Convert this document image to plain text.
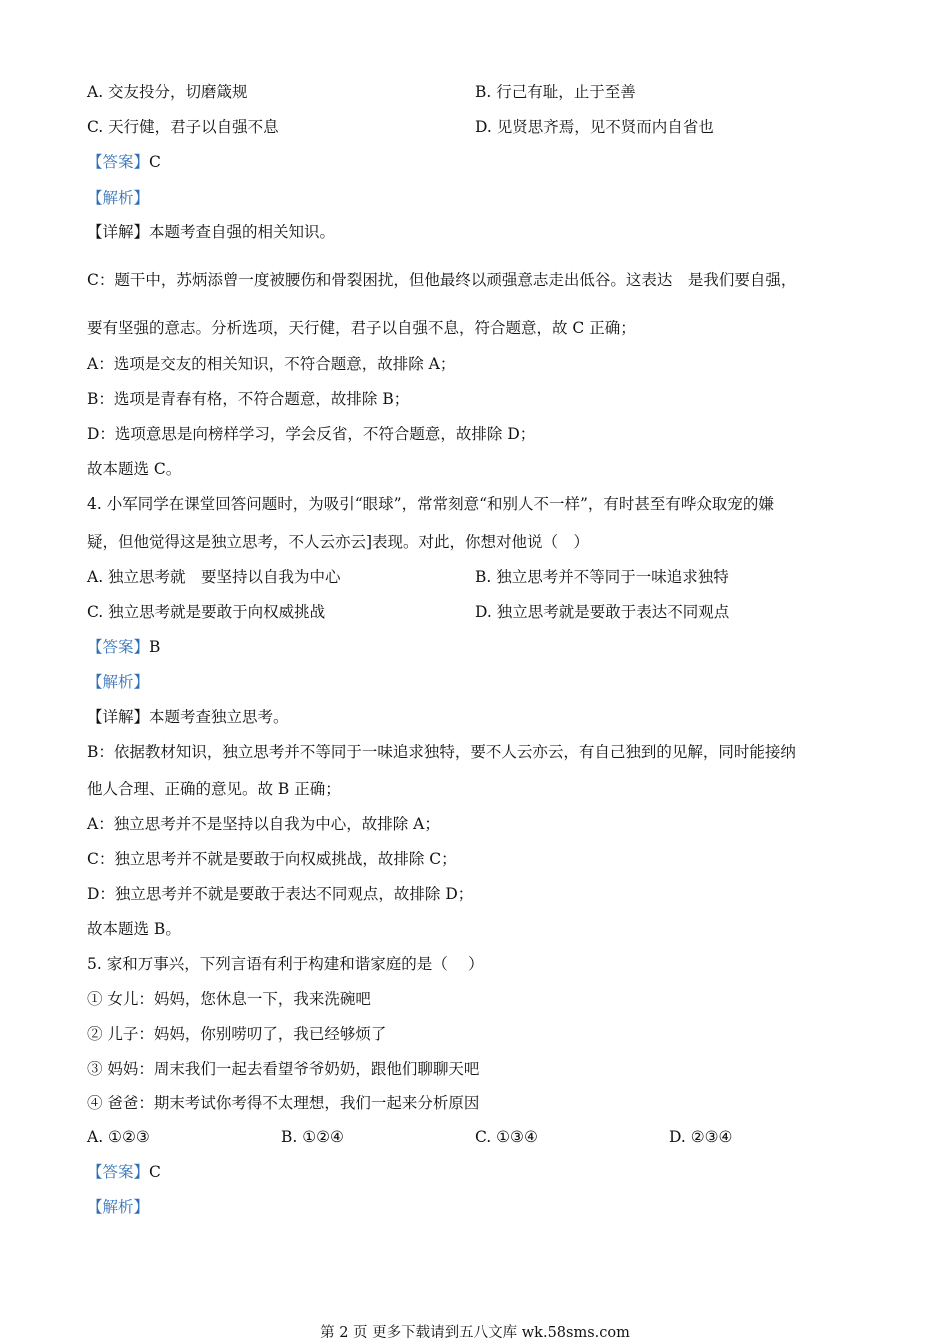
A. 交友投分，切磨箴规	B. 行己有耻，止于至善
C. 天行健，君子以自强不息	D. 见贤思齐焉，见不贤而内自省也
【答案】C
【解析】
【详解】本题考查自强的相关知识。
C：题干中，苏炳添曾一度被腰伤和骨裂困扰，但他最终以顽强意志走出低谷。这表达　是我们要自强，
要有坚强的意志。分析选项，天行健，君子以自强不息，符合题意，故 C 正确；
A：选项是交友的相关知识，不符合题意，故排除 A；
B：选项是青春有格，不符合题意，故排除 B；
D：选项意思是向榜样学习，学会反省，不符合题意，故排除 D；
故本题选 C。
4. 小军同学在课堂回答问题时，为吸引“眼球”，常常刻意“和别人不一样”，有时甚至有哗众取宠的嫌
疑，但他觉得这是独立思考，不人云亦云]表现。对此，你想对他说（　）
A. 独立思考就　要坚持以自我为中心	B. 独立思考并不等同于一味追求独特
C. 独立思考就是要敢于向权威挑战	D. 独立思考就是要敢于表达不同观点
【答案】B
【解析】
【详解】本题考查独立思考。
B：依据教材知识，独立思考并不等同于一味追求独特，要不人云亦云，有自己独到的见解，同时能接纳
他人合理、正确的意见。故 B 正确；
A：独立思考并不是坚持以自我为中心，故排除 A；
C：独立思考并不就是要敢于向权威挑战，故排除 C；
D：独立思考并不就是要敢于表达不同观点，故排除 D；
故本题选 B。
5. 家和万事兴，下列言语有利于构建和谐家庭的是（　 ）
① 女儿：妈妈，您休息一下，我来洗碗吧
② 儿子：妈妈，你别唠叨了，我已经够烦了
③ 妈妈：周末我们一起去看望爷爷奶奶，跟他们聊聊天吧
④ 爸爸：期末考试你考得不太理想，我们一起来分析原因
A. ①②③	B. ①②④	C. ①③④	D. ②③④
【答案】C
【解析】
第 2 页 更多下载请到五八文库 wk.58sms.com
